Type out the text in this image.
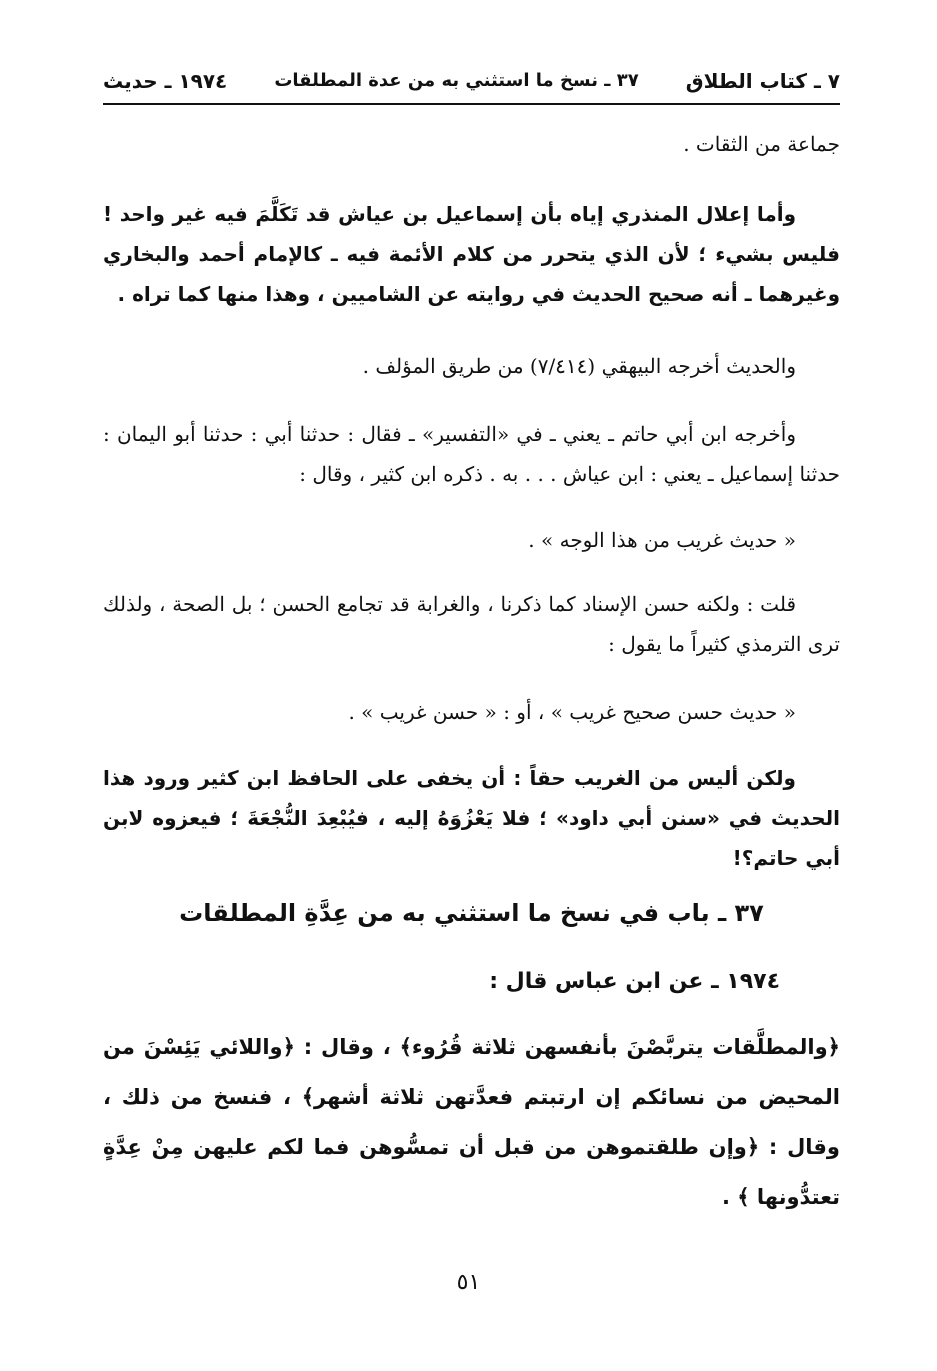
٧ ـ كتاب الطلاق
٣٧ ـ نسخ ما استثني به من عدة المطلقات
١٩٧٤ ـ حديث
جماعة من الثقات .
وأما إعلال المنذري إياه بأن إسماعيل بن عياش قد تَكَلَّمَ فيه غير واحد ! فليس بشيء ؛ لأن الذي يتحرر من كلام الأئمة فيه ـ كالإمام أحمد والبخاري وغيرهما ـ أنه صحيح الحديث في روايته عن الشاميين ، وهذا منها كما تراه .
والحديث أخرجه البيهقي (٧/٤١٤) من طريق المؤلف .
وأخرجه ابن أبي حاتم ـ يعني ـ في «التفسير» ـ فقال : حدثنا أبي : حدثنا أبو اليمان : حدثنا إسماعيل ـ يعني : ابن عياش . . . به . ذكره ابن كثير ، وقال :
« حديث غريب من هذا الوجه » .
قلت : ولكنه حسن الإسناد كما ذكرنا ، والغرابة قد تجامع الحسن ؛ بل الصحة ، ولذلك ترى الترمذي كثيراً ما يقول :
« حديث حسن صحيح غريب » ، أو : « حسن غريب » .
ولكن أليس من الغريب حقاً : أن يخفى على الحافظ ابن كثير ورود هذا الحديث في «سنن أبي داود» ؛ فلا يَعْزُوَهُ إليه ، فيُبْعِدَ النُّجْعَةَ ؛ فيعزوه لابن أبي حاتم؟!
٣٧ ـ باب في نسخ ما استثني به من عِدَّةِ المطلقات
١٩٧٤ ـ عن ابن عباس قال :
﴿والمطلَّقات يتربَّصْنَ بأنفسهن ثلاثة قُرُوء﴾ ، وقال : ﴿واللائي يَئِسْنَ من المحيض من نسائكم إن ارتبتم فعدَّتهن ثلاثة أشهر﴾ ، فنسخ من ذلك ، وقال : ﴿وإن طلقتموهن من قبل أن تمسُّوهن فما لكم عليهن مِنْ عِدَّةٍ تعتدُّونها ﴾ .
٥١
